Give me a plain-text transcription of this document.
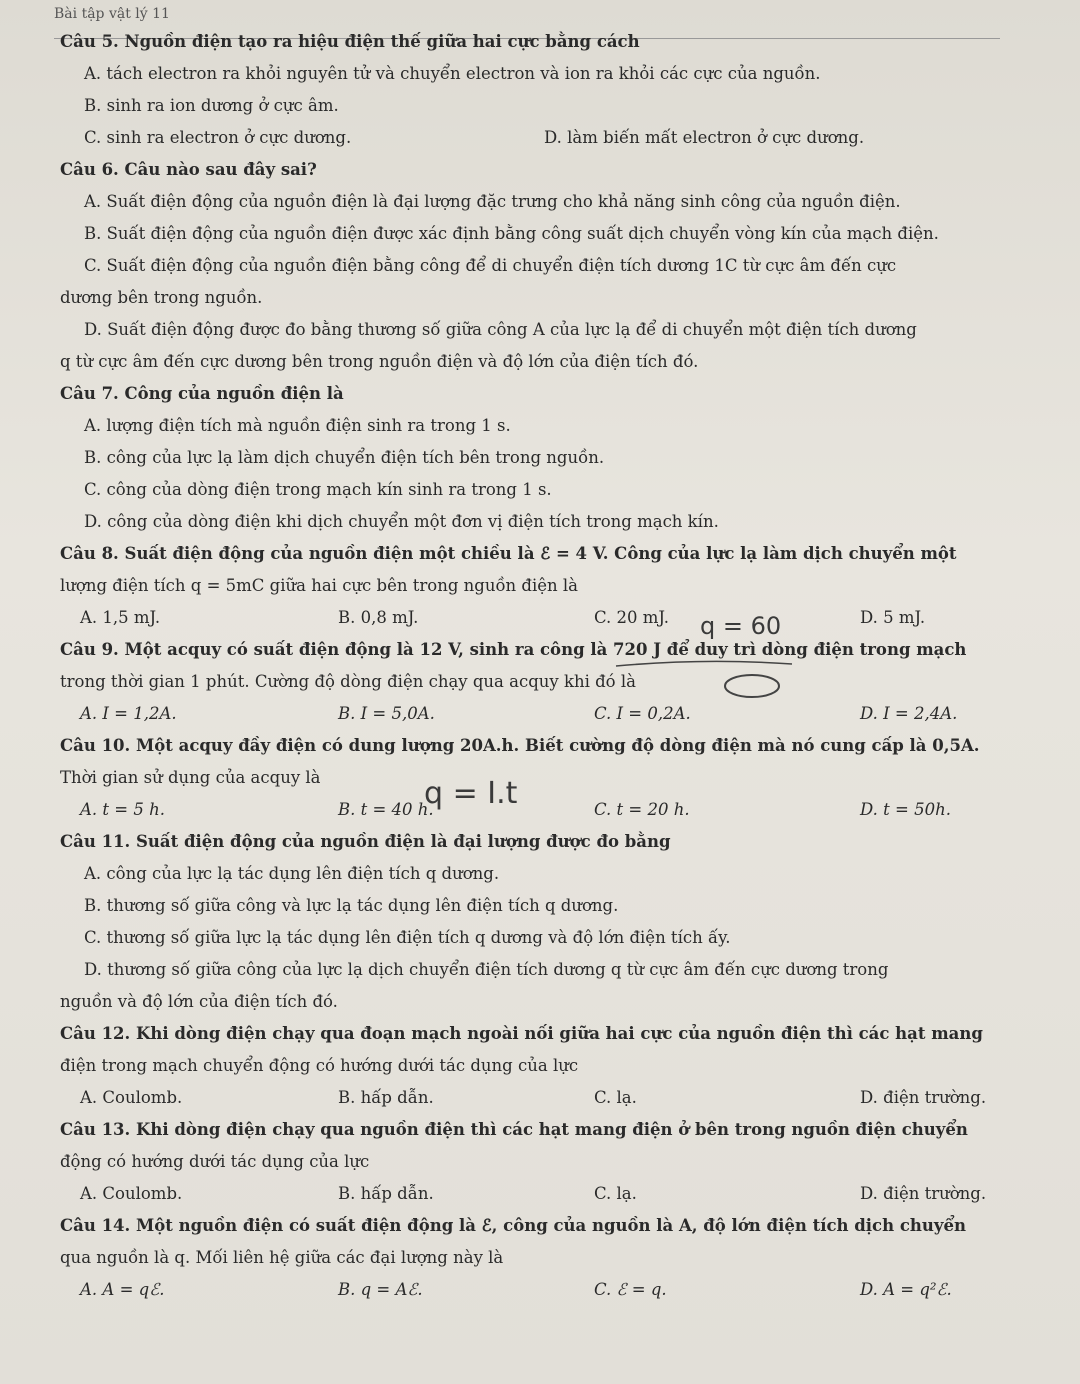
Bài tập vật lý 11
Câu 5. Nguồn điện tạo ra hiệu điện thế giữa hai cực bằng cách
A. tách electron ra khỏi nguyên tử và chuyển electron và ion ra khỏi các cực của nguồn.
B. sinh ra ion dương ở cực âm.
C. sinh ra electron ở cực dương.	D. làm biến mất electron ở cực dương.
Câu 6. Câu nào sau đây sai?
A. Suất điện động của nguồn điện là đại lượng đặc trưng cho khả năng sinh công của nguồn điện.
B. Suất điện động của nguồn điện được xác định bằng công suất dịch chuyển vòng kín của mạch điện.
C. Suất điện động của nguồn điện bằng công để di chuyển điện tích dương 1C từ cực âm đến cực
dương bên trong nguồn.
D. Suất điện động được đo bằng thương số giữa công A của lực lạ để di chuyển một điện tích dương
q từ cực âm đến cực dương bên trong nguồn điện và độ lớn của điện tích đó.
Câu 7. Công của nguồn điện là
A. lượng điện tích mà nguồn điện sinh ra trong 1 s.
B. công của lực lạ làm dịch chuyển điện tích bên trong nguồn.
C. công của dòng điện trong mạch kín sinh ra trong 1 s.
D. công của dòng điện khi dịch chuyển một đơn vị điện tích trong mạch kín.
Câu 8. Suất điện động của nguồn điện một chiều là ℰ = 4 V. Công của lực lạ làm dịch chuyển một
lượng điện tích q = 5mC giữa hai cực bên trong nguồn điện là
A. 1,5 mJ.	B. 0,8 mJ.	C. 20 mJ.	D. 5 mJ.
Câu 9. Một acquy có suất điện động là 12 V, sinh ra công là 720 J để duy trì dòng điện trong mạch
trong thời gian 1 phút. Cường độ dòng điện chạy qua acquy khi đó là
A. I = 1,2A.	B. I = 5,0A.	C. I = 0,2A.	D. I = 2,4A.
Câu 10. Một acquy đầy điện có dung lượng 20A.h. Biết cường độ dòng điện mà nó cung cấp là 0,5A.
Thời gian sử dụng của acquy là
A. t = 5 h.	B. t = 40 h.	C. t = 20 h.	D. t = 50h.
Câu 11. Suất điện động của nguồn điện là đại lượng được đo bằng
A. công của lực lạ tác dụng lên điện tích q dương.
B. thương số giữa công và lực lạ tác dụng lên điện tích q dương.
C. thương số giữa lực lạ tác dụng lên điện tích q dương và độ lớn điện tích ấy.
D. thương số giữa công của lực lạ dịch chuyển điện tích dương q từ cực âm đến cực dương trong
nguồn và độ lớn của điện tích đó.
Câu 12. Khi dòng điện chạy qua đoạn mạch ngoài nối giữa hai cực của nguồn điện thì các hạt mang
điện trong mạch chuyển động có hướng dưới tác dụng của lực
A. Coulomb.	B. hấp dẫn.	C. lạ.	D. điện trường.
Câu 13. Khi dòng điện chạy qua nguồn điện thì các hạt mang điện ở bên trong nguồn điện chuyển
động có hướng dưới tác dụng của lực
A. Coulomb.	B. hấp dẫn.	C. lạ.	D. điện trường.
Câu 14. Một nguồn điện có suất điện động là ℰ, công của nguồn là A, độ lớn điện tích dịch chuyển
qua nguồn là q. Mối liên hệ giữa các đại lượng này là
A. A = qℰ.	B. q = Aℰ.	C. ℰ = q.	D. A = q²ℰ.
q = 60
q = I.t
